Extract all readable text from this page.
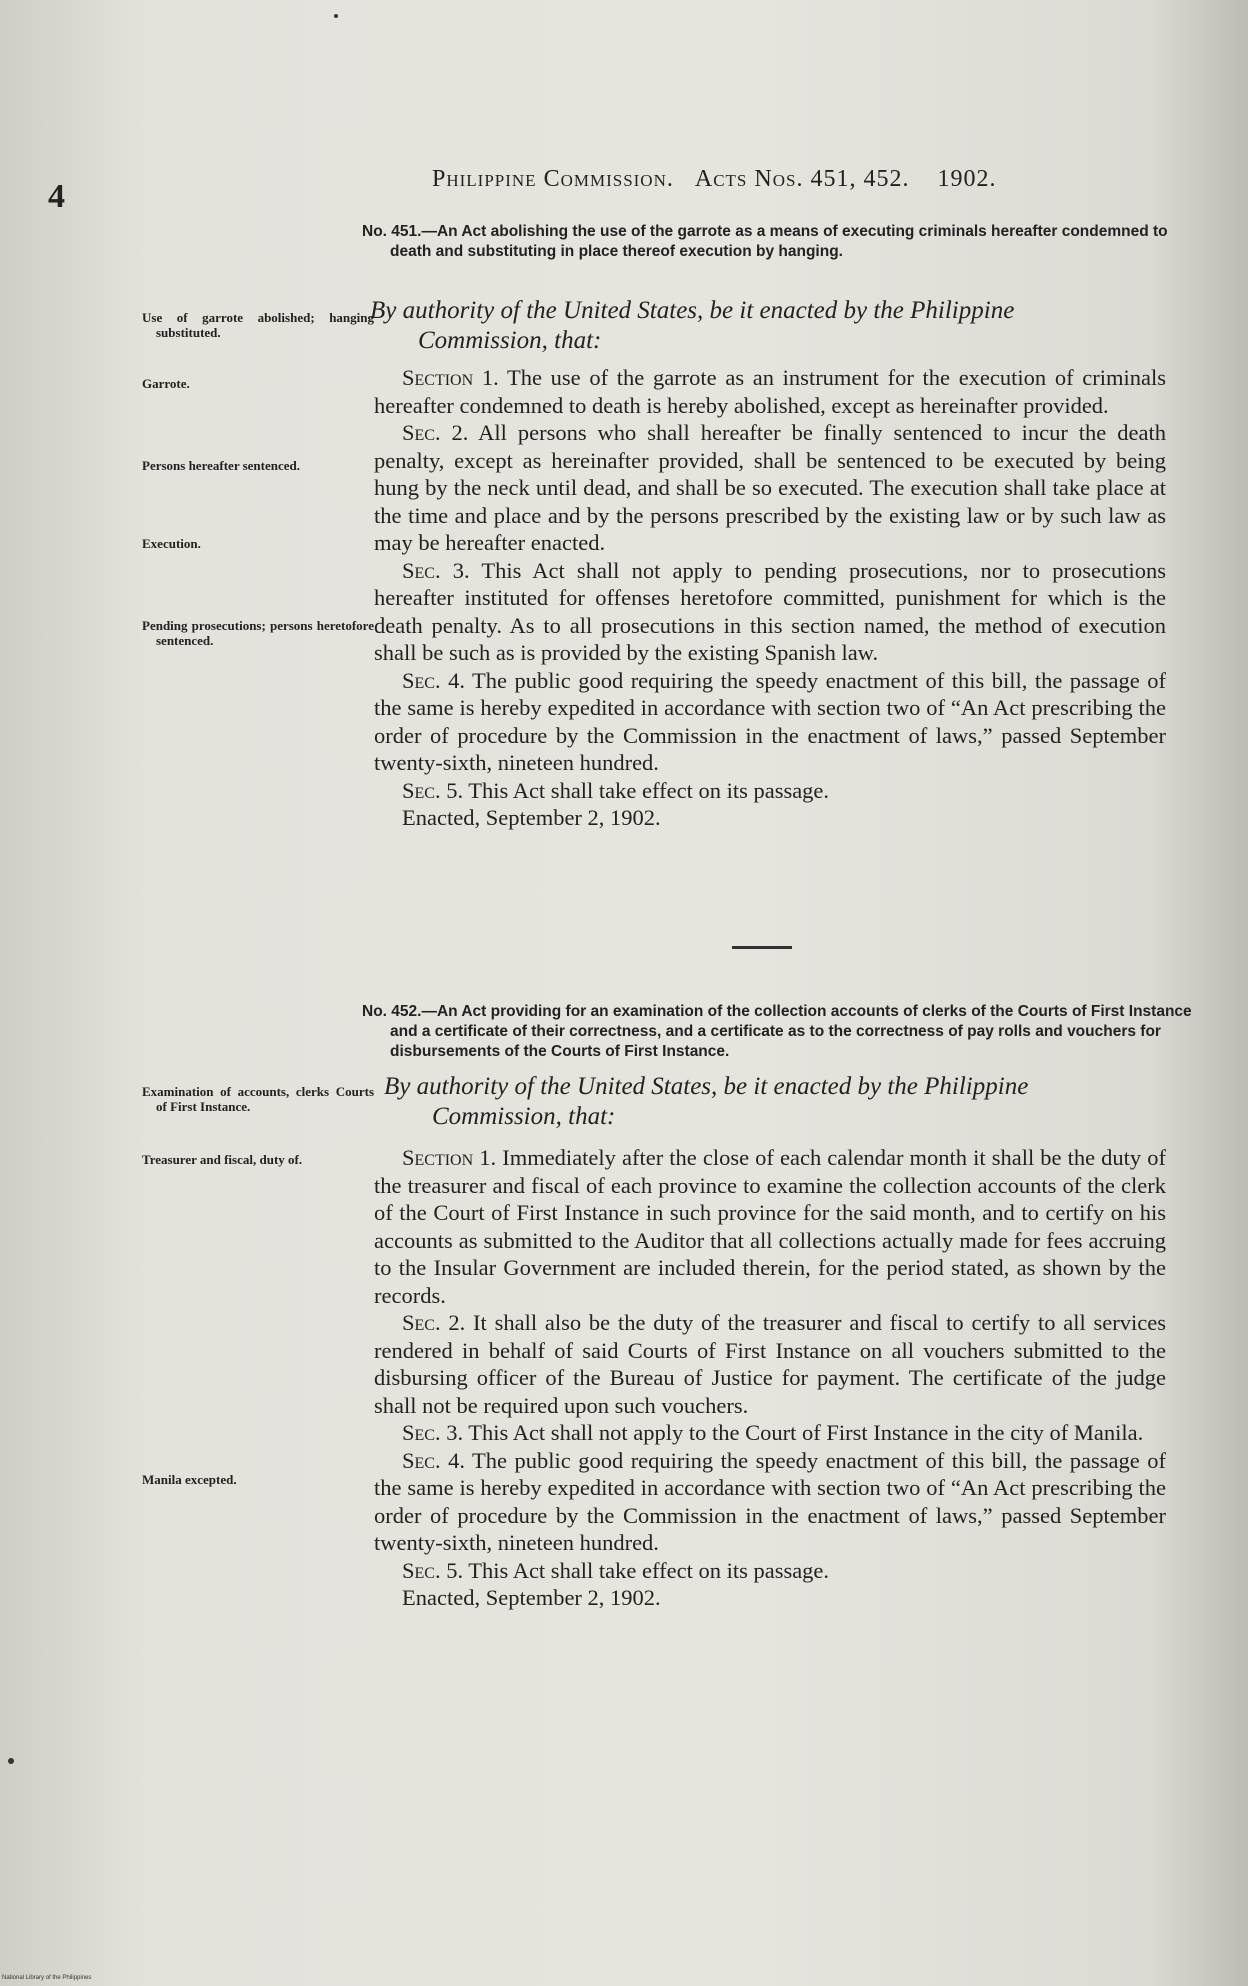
4	Philippine Commission. Acts Nos. 451, 452. 1902.
No. 451.—An Act abolishing the use of the garrote as a means of executing criminals hereafter condemned to death and substituting in place thereof execution by hanging.
By authority of the United States, be it enacted by the Philippine
Commission, that:
Use of garrote abolished; hanging substituted.
Garrote.
Persons hereafter sentenced.
Execution.
Pending prosecutions; persons heretofore sentenced.

Section 1. The use of the garrote as an instrument for the execution of criminals hereafter condemned to death is hereby abolished, except as hereinafter provided.

Sec. 2. All persons who shall hereafter be finally sentenced to incur the death penalty, except as hereinafter provided, shall be sentenced to be executed by being hung by the neck until dead, and shall be so executed. The execution shall take place at the time and place and by the persons prescribed by the existing law or by such law as may be hereafter enacted.

Sec. 3. This Act shall not apply to pending prosecutions, nor to prosecutions hereafter instituted for offenses heretofore committed, punishment for which is the death penalty. As to all prosecutions in this section named, the method of execution shall be such as is provided by the existing Spanish law.

Sec. 4. The public good requiring the speedy enactment of this bill, the passage of the same is hereby expedited in accordance with section two of “An Act prescribing the order of procedure by the Commission in the enactment of laws,” passed September twenty-sixth, nineteen hundred.

Sec. 5. This Act shall take effect on its passage.

Enacted, September 2, 1902.

No. 452.—An Act providing for an examination of the collection accounts of clerks of the Courts of First Instance and a certificate of their correctness, and a certificate as to the correctness of pay rolls and vouchers for disbursements of the Courts of First Instance.
By authority of the United States, be it enacted by the Philippine
Commission, that:
Examination of accounts, clerks Courts of First Instance.
Treasurer and fiscal, duty of.
Manila excepted.

Section 1. Immediately after the close of each calendar month it shall be the duty of the treasurer and fiscal of each province to examine the collection accounts of the clerk of the Court of First Instance in such province for the said month, and to certify on his accounts as submitted to the Auditor that all collections actually made for fees accruing to the Insular Government are included therein, for the period stated, as shown by the records.

Sec. 2. It shall also be the duty of the treasurer and fiscal to certify to all services rendered in behalf of said Courts of First Instance on all vouchers submitted to the disbursing officer of the Bureau of Justice for payment. The certificate of the judge shall not be required upon such vouchers.

Sec. 3. This Act shall not apply to the Court of First Instance in the city of Manila.

Sec. 4. The public good requiring the speedy enactment of this bill, the passage of the same is hereby expedited in accordance with section two of “An Act prescribing the order of procedure by the Commission in the enactment of laws,” passed September twenty-sixth, nineteen hundred.

Sec. 5. This Act shall take effect on its passage.

Enacted, September 2, 1902.

National Library of the Philippines
